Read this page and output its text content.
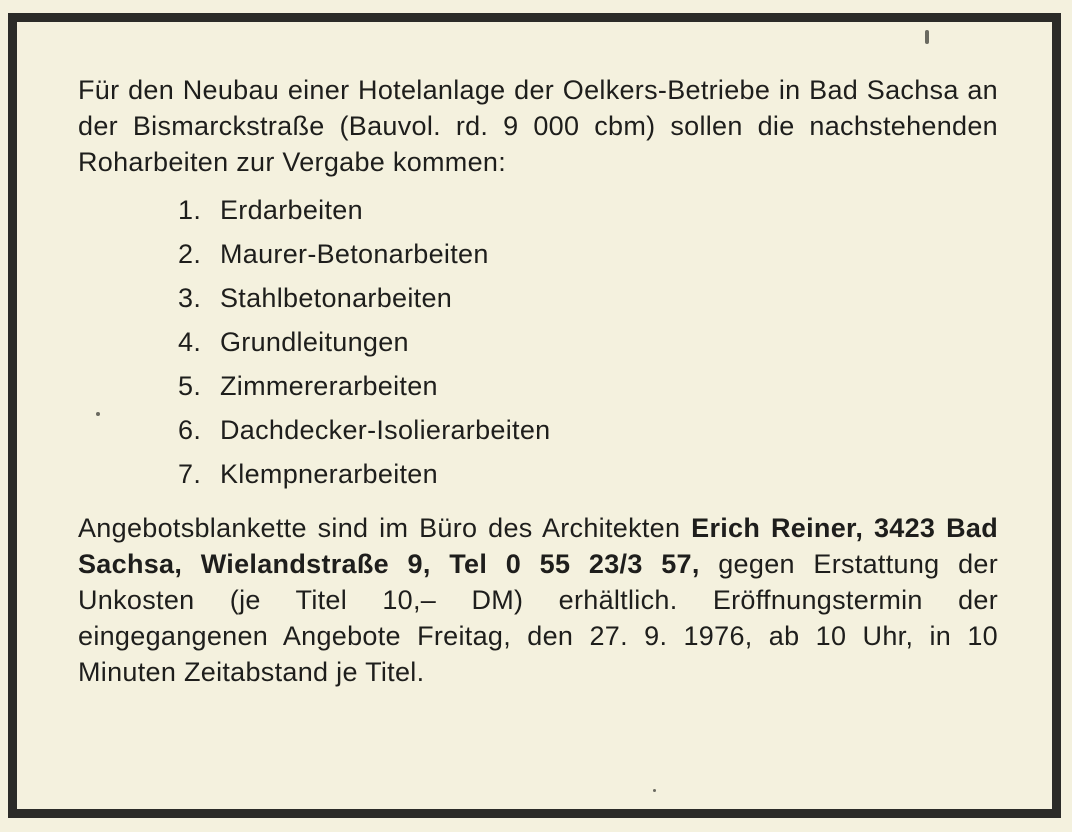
Für den Neubau einer Hotelanlage der Oelkers-Betriebe in Bad Sachsa an der Bismarckstraße (Bauvol. rd. 9 000 cbm) sollen die nachstehenden Roharbeiten zur Vergabe kommen:

1. Erdarbeiten
2. Maurer-Betonarbeiten
3. Stahlbetonarbeiten
4. Grundleitungen
5. Zimmererarbeiten
6. Dachdecker-Isolierarbeiten
7. Klempnerarbeiten

Angebotsblankette sind im Büro des Architekten Erich Reiner, 3423 Bad Sachsa, Wielandstraße 9, Tel 0 55 23/3 57, gegen Erstattung der Unkosten (je Titel 10,– DM) erhältlich. Eröffnungstermin der eingegangenen Angebote Freitag, den 27. 9. 1976, ab 10 Uhr, in 10 Minuten Zeitabstand je Titel.
